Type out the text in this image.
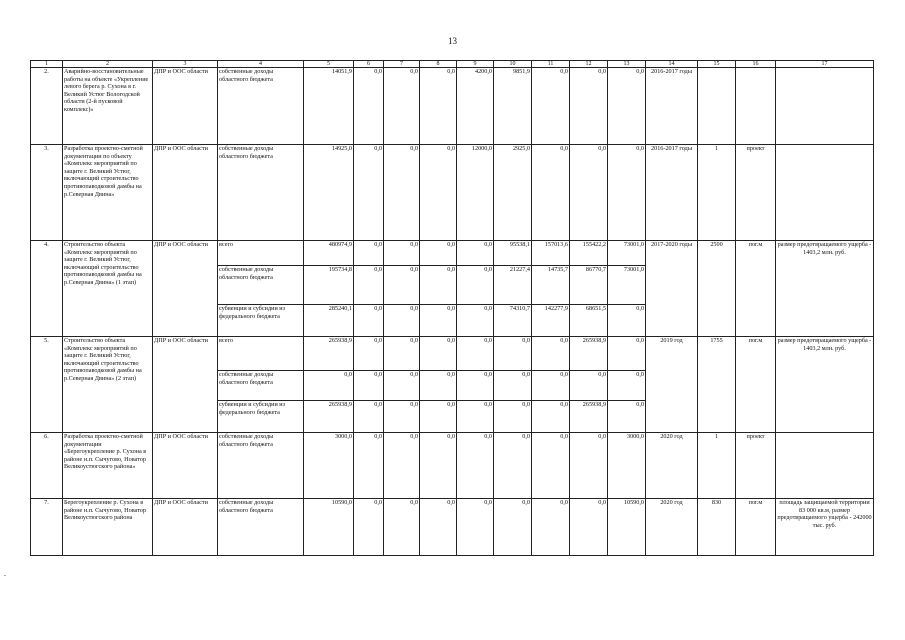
13
1	2	3	4	5	6	7	8	9	10	11	12	13	14	15	16	17
2.	Аварийно-восстановительные работы на объекте «Укрепление левого берега р. Сухона в г. Великий Устюг Вологодской области (2-й пусковой комплекс)»	ДПР и ООС области	собственные доходы областного бюджета	14051,9	0,0	0,0	0,0	4200,0	9851,9	0,0	0,0	0,0	2016-2017 годы			
3.	Разработка проектно-сметной документации по объекту «Комплекс мероприятий по защите г. Великий Устюг, включающий строительство противопаводковой дамбы на р.Северная Двина»	ДПР и ООС области	собственные доходы областного бюджета	14925,0	0,0	0,0	0,0	12000,0	2925,0	0,0	0,0	0,0	2016-2017 годы	1	проект	
4.	Строительство объекта «Комплекс мероприятий по защите г. Великий Устюг, включающий строительство противопаводковой дамбы на р.Северная Двина» (1 этап)	ДПР и ООС области	всего	480974,9	0,0	0,0	0,0	0,0	95538,1	157013,6	155422,2	73001,0	2017-2020 годы	2500	пог.м	размер предотвращаемого ущерба - 1403,2 млн. руб.
			собственные доходы областного бюджета	195734,8	0,0	0,0	0,0	0,0	21227,4	14735,7	86770,7	73001,0				
			субвенции и субсидии из федерального бюджета	285240,1	0,0	0,0	0,0	0,0	74310,7	142277,9	68651,5	0,0				
5.	Строительство объекта «Комплекс мероприятий по защите г. Великий Устюг, включающий строительство противопаводковой дамбы на р.Северная Двина» (2 этап)	ДПР и ООС области	всего	265938,9	0,0	0,0	0,0	0,0	0,0	0,0	265938,9	0,0	2019 год	1755	пог.м	размер предотвращаемого ущерба - 1403,2 млн. руб.
			собственные доходы областного бюджета	0,0	0,0	0,0	0,0	0,0	0,0	0,0	0,0	0,0				
			субвенции и субсидии из федерального бюджета	265938,9	0,0	0,0	0,0	0,0	0,0	0,0	265938,9	0,0				
6.	Разработка проектно-сметной документации «Берегоукрепление р. Сухона в районе н.п. Сычугово, Новатор Великоустюгского района»	ДПР и ООС области	собственные доходы областного бюджета	3000,0	0,0	0,0	0,0	0,0	0,0	0,0	0,0	3000,0	2020 год	1	проект	
7.	Берегоукрепление р. Сухона в районе н.п. Сычугово, Новатор Великоустюгского района	ДПР и ООС области	собственные доходы областного бюджета	10590,0	0,0	0,0	0,0	0,0	0,0	0,0	0,0	10590,0	2020 год	830	пог.м	площадь защищаемой территории 83 000 кв.м, размер предотвращаемого ущерба - 242000 тыс. руб.
-
